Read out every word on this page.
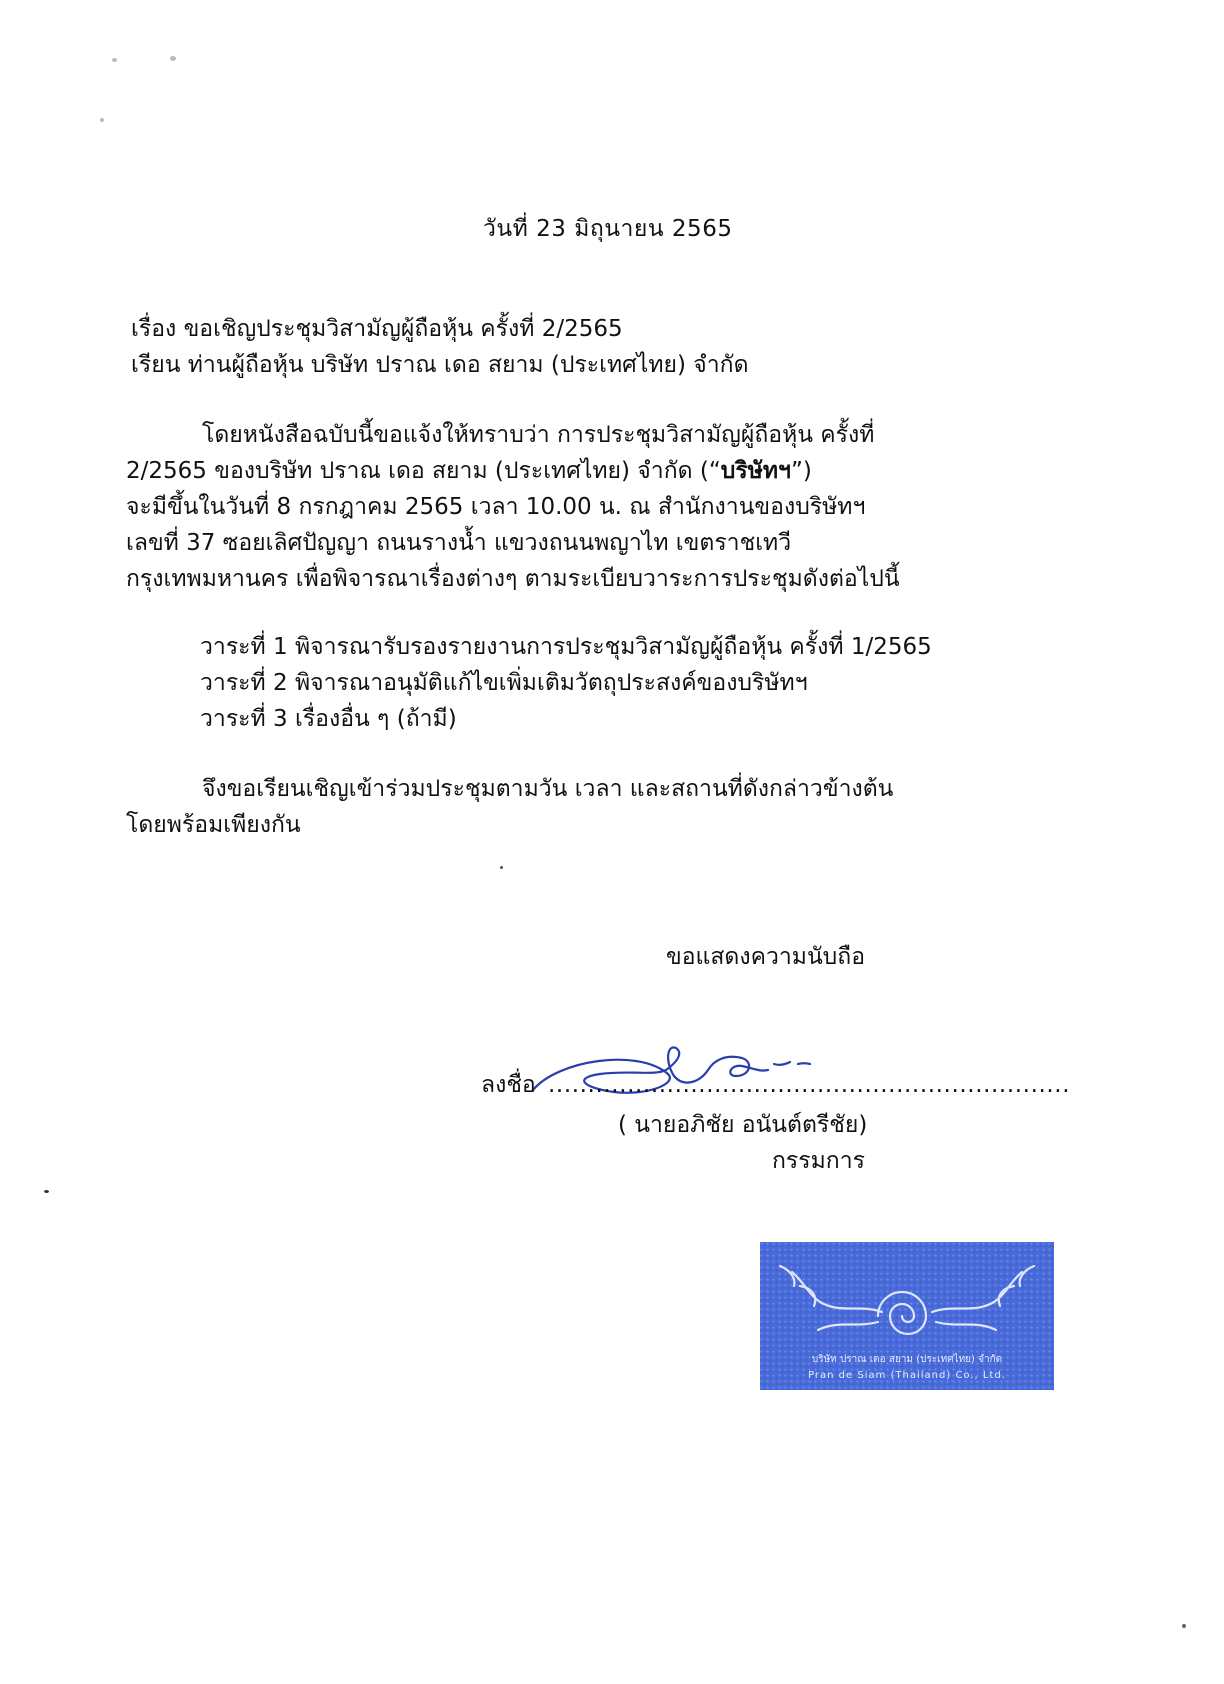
วันที่ 23 มิถุนายน 2565

เรื่อง ขอเชิญประชุมวิสามัญผู้ถือหุ้น ครั้งที่ 2/2565

เรียน ท่านผู้ถือหุ้น บริษัท ปราณ เดอ สยาม (ประเทศไทย) จำกัด

โดยหนังสือฉบับนี้ขอแจ้งให้ทราบว่า การประชุมวิสามัญผู้ถือหุ้น ครั้งที่

2/2565 ของบริษัท ปราณ เดอ สยาม (ประเทศไทย) จำกัด (“บริษัทฯ”)

จะมีขึ้นในวันที่ 8 กรกฎาคม 2565 เวลา 10.00 น. ณ สำนักงานของบริษัทฯ

เลขที่ 37 ซอยเลิศปัญญา ถนนรางน้ำ แขวงถนนพญาไท เขตราชเทวี

กรุงเทพมหานคร เพื่อพิจารณาเรื่องต่างๆ ตามระเบียบวาระการประชุมดังต่อไปนี้

วาระที่ 1 พิจารณารับรองรายงานการประชุมวิสามัญผู้ถือหุ้น ครั้งที่ 1/2565

วาระที่ 2 พิจารณาอนุมัติแก้ไขเพิ่มเติมวัตถุประสงค์ของบริษัทฯ

วาระที่ 3 เรื่องอื่น ๆ (ถ้ามี)

จึงขอเรียนเชิญเข้าร่วมประชุมตามวัน เวลา และสถานที่ดังกล่าวข้างต้น

โดยพร้อมเพียงกัน

ขอแสดงความนับถือ

ลงชื่อ ..................................................................

( นายอภิชัย อนันต์ตรีชัย)

กรรมการ

บริษัท ปราณ เดอ สยาม (ประเทศไทย) จำกัด
Pran de Siam (Thailand) Co., Ltd.
